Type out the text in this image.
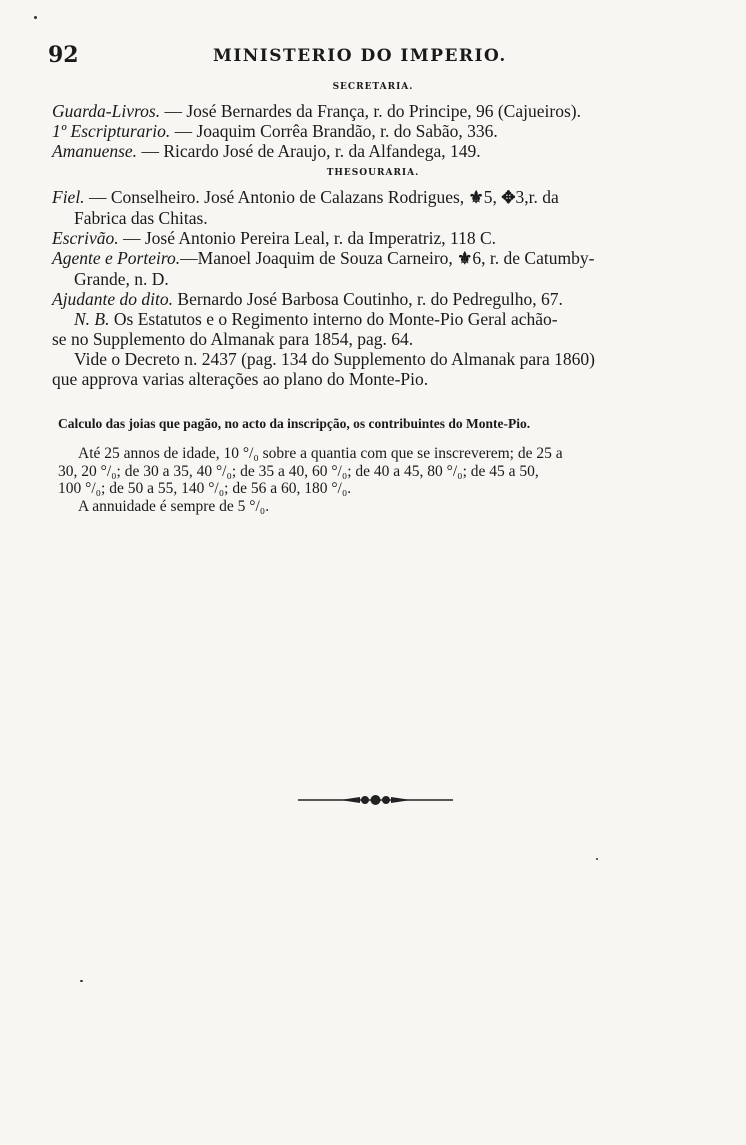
92	MINISTERIO DO IMPERIO.
SECRETARIA.

Guarda-Livros. — José Bernardes da França, r. do Principe, 96 (Cajueiros).

1º Escripturario. — Joaquim Corrêa Brandão, r. do Sabão, 336.

Amanuense. — Ricardo José de Araujo, r. da Alfandega, 149.

THESOURARIA.

Fiel. — Conselheiro. José Antonio de Calazans Rodrigues, ⚜5, ✥3,r. da
Fabrica das Chitas.

Escrivão. — José Antonio Pereira Leal, r. da Imperatriz, 118 C.

Agente e Porteiro.—Manoel Joaquim de Souza Carneiro, ⚜6, r. de Catumby-
Grande, n. D.

Ajudante do dito. Bernardo José Barbosa Coutinho, r. do Pedregulho, 67.

N. B. Os Estatutos e o Regimento interno do Monte-Pio Geral achão-

se no Supplemento do Almanak para 1854, pag. 64.

Vide o Decreto n. 2437 (pag. 134 do Supplemento do Almanak para 1860)

que approva varias alterações ao plano do Monte-Pio.

Calculo das joias que pagão, no acto da inscripção, os contribuintes do Monte-Pio.

Até 25 annos de idade, 10 °/₀ sobre a quantia com que se inscreverem; de 25 a

30, 20 °/₀; de 30 a 35, 40 °/₀; de 35 a 40, 60 °/₀; de 40 a 45, 80 °/₀; de 45 a 50,

100 °/₀; de 50 a 55, 140 °/₀; de 56 a 60, 180 °/₀.

A annuidade é sempre de 5 °/₀.
